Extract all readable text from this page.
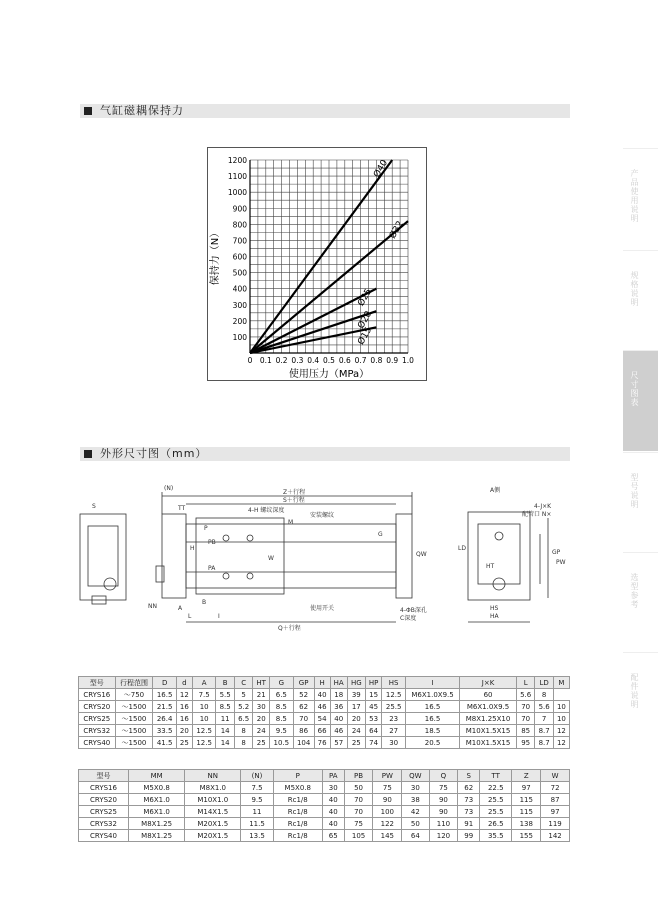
气缸磁耦保持力
0 0.1 0.2 0.3 0.4 0.5 0.6 0.7 0.8 0.9 1.0
100
200
300
400
500
600
700
800
900
1000
1100
1200
使用压力（MPa）
保持力（N）
Ø40
Ø32
Ø25
Ø20
Ø15
外形尺寸图（mm）
产品使用说明
规格说明
尺寸图表
型号说明
选型参考
配件说明
Z＋行程
S＋行程
安装螺纹
4-H 螺纹深度
使用开关	4-ΦB深孔
C深度
Q＋行程
A侧
4-J×K
配管口 N×
HT
HS
HA
QW	GP
PW
LD
(N)
NN
TT
PB
PA
L	I
W
G
H
M
P
A
B
S
型号	行程范围	D	d	A	B	C	HT	G	GP	H	HA	HG	HP	HS	I	J×K	L	LD	M
CRYS16	～750	16.5	12	7.5	5.5	5	21	6.5	52	40	18	39	15	12.5	M6X1.0X9.5	60	5.6	8	
CRYS20	～1500	21.5	16	10	8.5	5.2	30	8.5	62	46	36	17	45	25.5	16.5	M6X1.0X9.5	70	5.6	10
CRYS25	～1500	26.4	16	10	11	6.5	20	8.5	70	54	40	20	53	23	16.5	M8X1.25X10	70	7	10
CRYS32	～1500	33.5	20	12.5	14	8	24	9.5	86	66	46	24	64	27	18.5	M10X1.5X15	85	8.7	12
CRYS40	～1500	41.5	25	12.5	14	8	25	10.5	104	76	57	25	74	30	20.5	M10X1.5X15	95	8.7	12
型号	MM	NN	(N)	P	PA	PB	PW	QW	Q	S	TT	Z	W
CRYS16	M5X0.8	M8X1.0	7.5	M5X0.8	30	50	75	30	75	62	22.5	97	72
CRYS20	M6X1.0	M10X1.0	9.5	Rc1/8	40	70	90	38	90	73	25.5	115	87
CRYS25	M6X1.0	M14X1.5	11	Rc1/8	40	70	100	42	90	73	25.5	115	97
CRYS32	M8X1.25	M20X1.5	11.5	Rc1/8	40	75	122	50	110	91	26.5	138	119
CRYS40	M8X1.25	M20X1.5	13.5	Rc1/8	65	105	145	64	120	99	35.5	155	142
